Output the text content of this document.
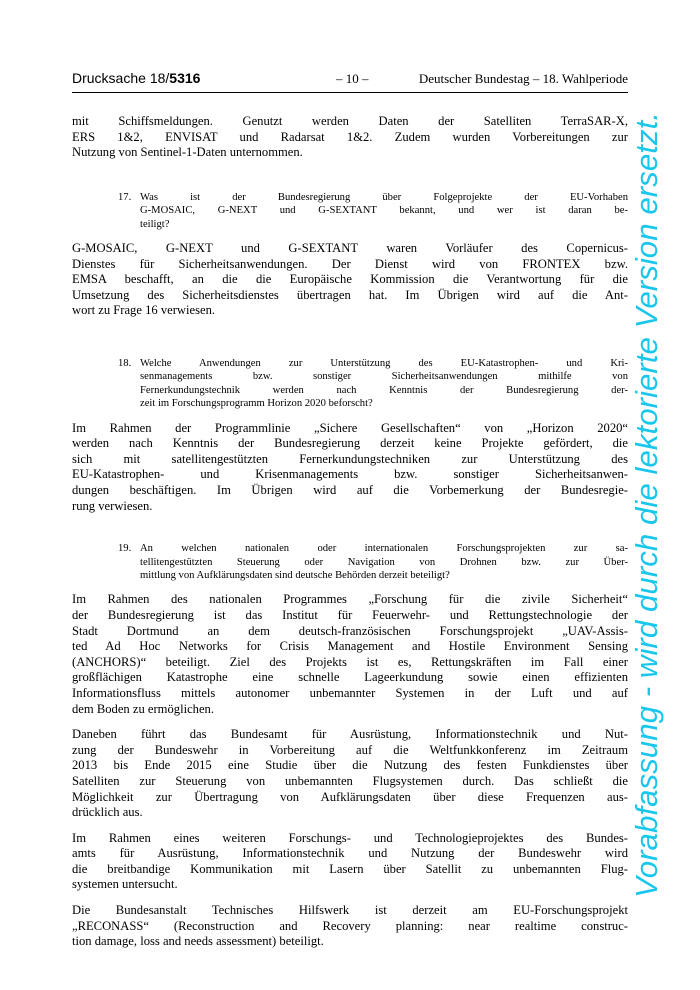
Drucksache 18/5316	– 10 –	Deutscher Bundestag – 18. Wahlperiode
mit Schiffsmeldungen. Genutzt werden Daten der Satelliten TerraSAR-X,
ERS 1&2, ENVISAT und Radarsat 1&2. Zudem wurden Vorbereitungen zur
Nutzung von Sentinel-1-Daten unternommen.
17. Was ist der Bundesregierung über Folgeprojekte der EU-Vorhaben
G-MOSAIC, G-NEXT und G-SEXTANT bekannt, und wer ist daran be-
teiligt?
G-MOSAIC, G-NEXT und G-SEXTANT waren Vorläufer des Copernicus-
Dienstes für Sicherheitsanwendungen. Der Dienst wird von FRONTEX bzw.
EMSA beschafft, an die die Europäische Kommission die Verantwortung für die
Umsetzung des Sicherheitsdienstes übertragen hat. Im Übrigen wird auf die Ant-
wort zu Frage 16 verwiesen.
18. Welche Anwendungen zur Unterstützung des EU-Katastrophen- und Kri-
senmanagements bzw. sonstiger Sicherheitsanwendungen mithilfe von
Fernerkundungstechnik werden nach Kenntnis der Bundesregierung der-
zeit im Forschungsprogramm Horizon 2020 beforscht?
Im Rahmen der Programmlinie „Sichere Gesellschaften“ von „Horizon 2020“
werden nach Kenntnis der Bundesregierung derzeit keine Projekte gefördert, die
sich mit satellitengestützten Fernerkundungstechniken zur Unterstützung des
EU-Katastrophen- und Krisenmanagements bzw. sonstiger Sicherheitsanwen-
dungen beschäftigen. Im Übrigen wird auf die Vorbemerkung der Bundesregie-
rung verwiesen.
19. An welchen nationalen oder internationalen Forschungsprojekten zur sa-
tellitengestützten Steuerung oder Navigation von Drohnen bzw. zur Über-
mittlung von Aufklärungsdaten sind deutsche Behörden derzeit beteiligt?
Im Rahmen des nationalen Programmes „Forschung für die zivile Sicherheit“
der Bundesregierung ist das Institut für Feuerwehr- und Rettungstechnologie der
Stadt Dortmund an dem deutsch-französischen Forschungsprojekt „UAV-Assis-
ted Ad Hoc Networks for Crisis Management and Hostile Environment Sensing
(ANCHORS)“ beteiligt. Ziel des Projekts ist es, Rettungskräften im Fall einer
großflächigen Katastrophe eine schnelle Lageerkundung sowie einen effizienten
Informationsfluss mittels autonomer unbemannter Systemen in der Luft und auf
dem Boden zu ermöglichen.
Daneben führt das Bundesamt für Ausrüstung, Informationstechnik und Nut-
zung der Bundeswehr in Vorbereitung auf die Weltfunkkonferenz im Zeitraum
2013 bis Ende 2015 eine Studie über die Nutzung des festen Funkdienstes über
Satelliten zur Steuerung von unbemannten Flugsystemen durch. Das schließt die
Möglichkeit zur Übertragung von Aufklärungsdaten über diese Frequenzen aus-
drücklich aus.
Im Rahmen eines weiteren Forschungs- und Technologieprojektes des Bundes-
amts für Ausrüstung, Informationstechnik und Nutzung der Bundeswehr wird
die breitbandige Kommunikation mit Lasern über Satellit zu unbemannten Flug-
systemen untersucht.
Die Bundesanstalt Technisches Hilfswerk ist derzeit am EU-Forschungsprojekt
„RECONASS“ (Reconstruction and Recovery planning: near realtime construc-
tion damage, loss and needs assessment) beteiligt.
Vorabfassung - wird durch die lektorierte Version ersetzt.
